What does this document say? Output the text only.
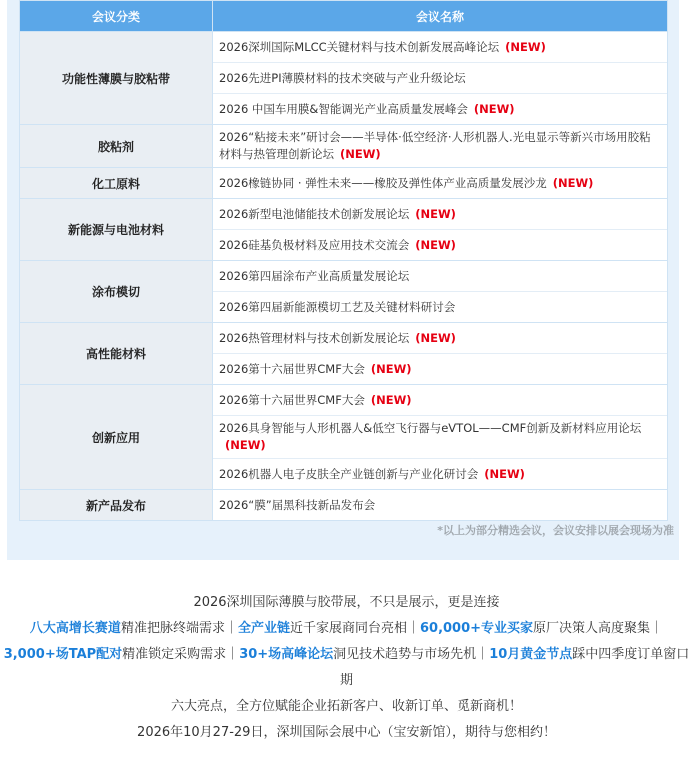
会议分类	会议名称
功能性薄膜与胶粘带	2026深圳国际MLCC关键材料与技术创新发展高峰论坛 (NEW)
2026先进PI薄膜材料的技术突破与产业升级论坛
2026 中国车用膜&智能调光产业高质量发展峰会 (NEW)

胶粘剂	2026“粘接未来”研讨会——半导体·低空经济·人形机器人.光电显示等新兴市场用胶粘材料与热管理创新论坛 (NEW)

化工原料	2026橡链协同 · 弹性未来——橡胶及弹性体产业高质量发展沙龙 (NEW)

新能源与电池材料	2026新型电池储能技术创新发展论坛 (NEW)
2026硅基负极材料及应用技术交流会 (NEW)

涂布模切	2026第四届涂布产业高质量发展论坛
2026第四届新能源模切工艺及关键材料研讨会

高性能材料	2026热管理材料与技术创新发展论坛 (NEW)
2026第十六届世界CMF大会 (NEW)

创新应用	2026第十六届世界CMF大会 (NEW)
2026具身智能与人形机器人&低空飞行器与eVTOL——CMF创新及新材料应用论坛(NEW)
2026机器人电子皮肤全产业链创新与产业化研讨会 (NEW)

新产品发布	2026“膜”届黑科技新品发布会
*以上为部分精选会议，会议安排以展会现场为准
2026深圳国际薄膜与胶带展，不只是展示，更是连接
八大高增长赛道精准把脉终端需求｜全产业链近千家展商同台亮相｜60,000+专业买家原厂决策人高度聚集｜3,000+场TAP配对精准锁定采购需求｜30+场高峰论坛洞见技术趋势与市场先机｜10月黄金节点踩中四季度订单窗口期
六大亮点，全方位赋能企业拓新客户、收新订单、觅新商机！
2026年10月27-29日，深圳国际会展中心（宝安新馆），期待与您相约！
